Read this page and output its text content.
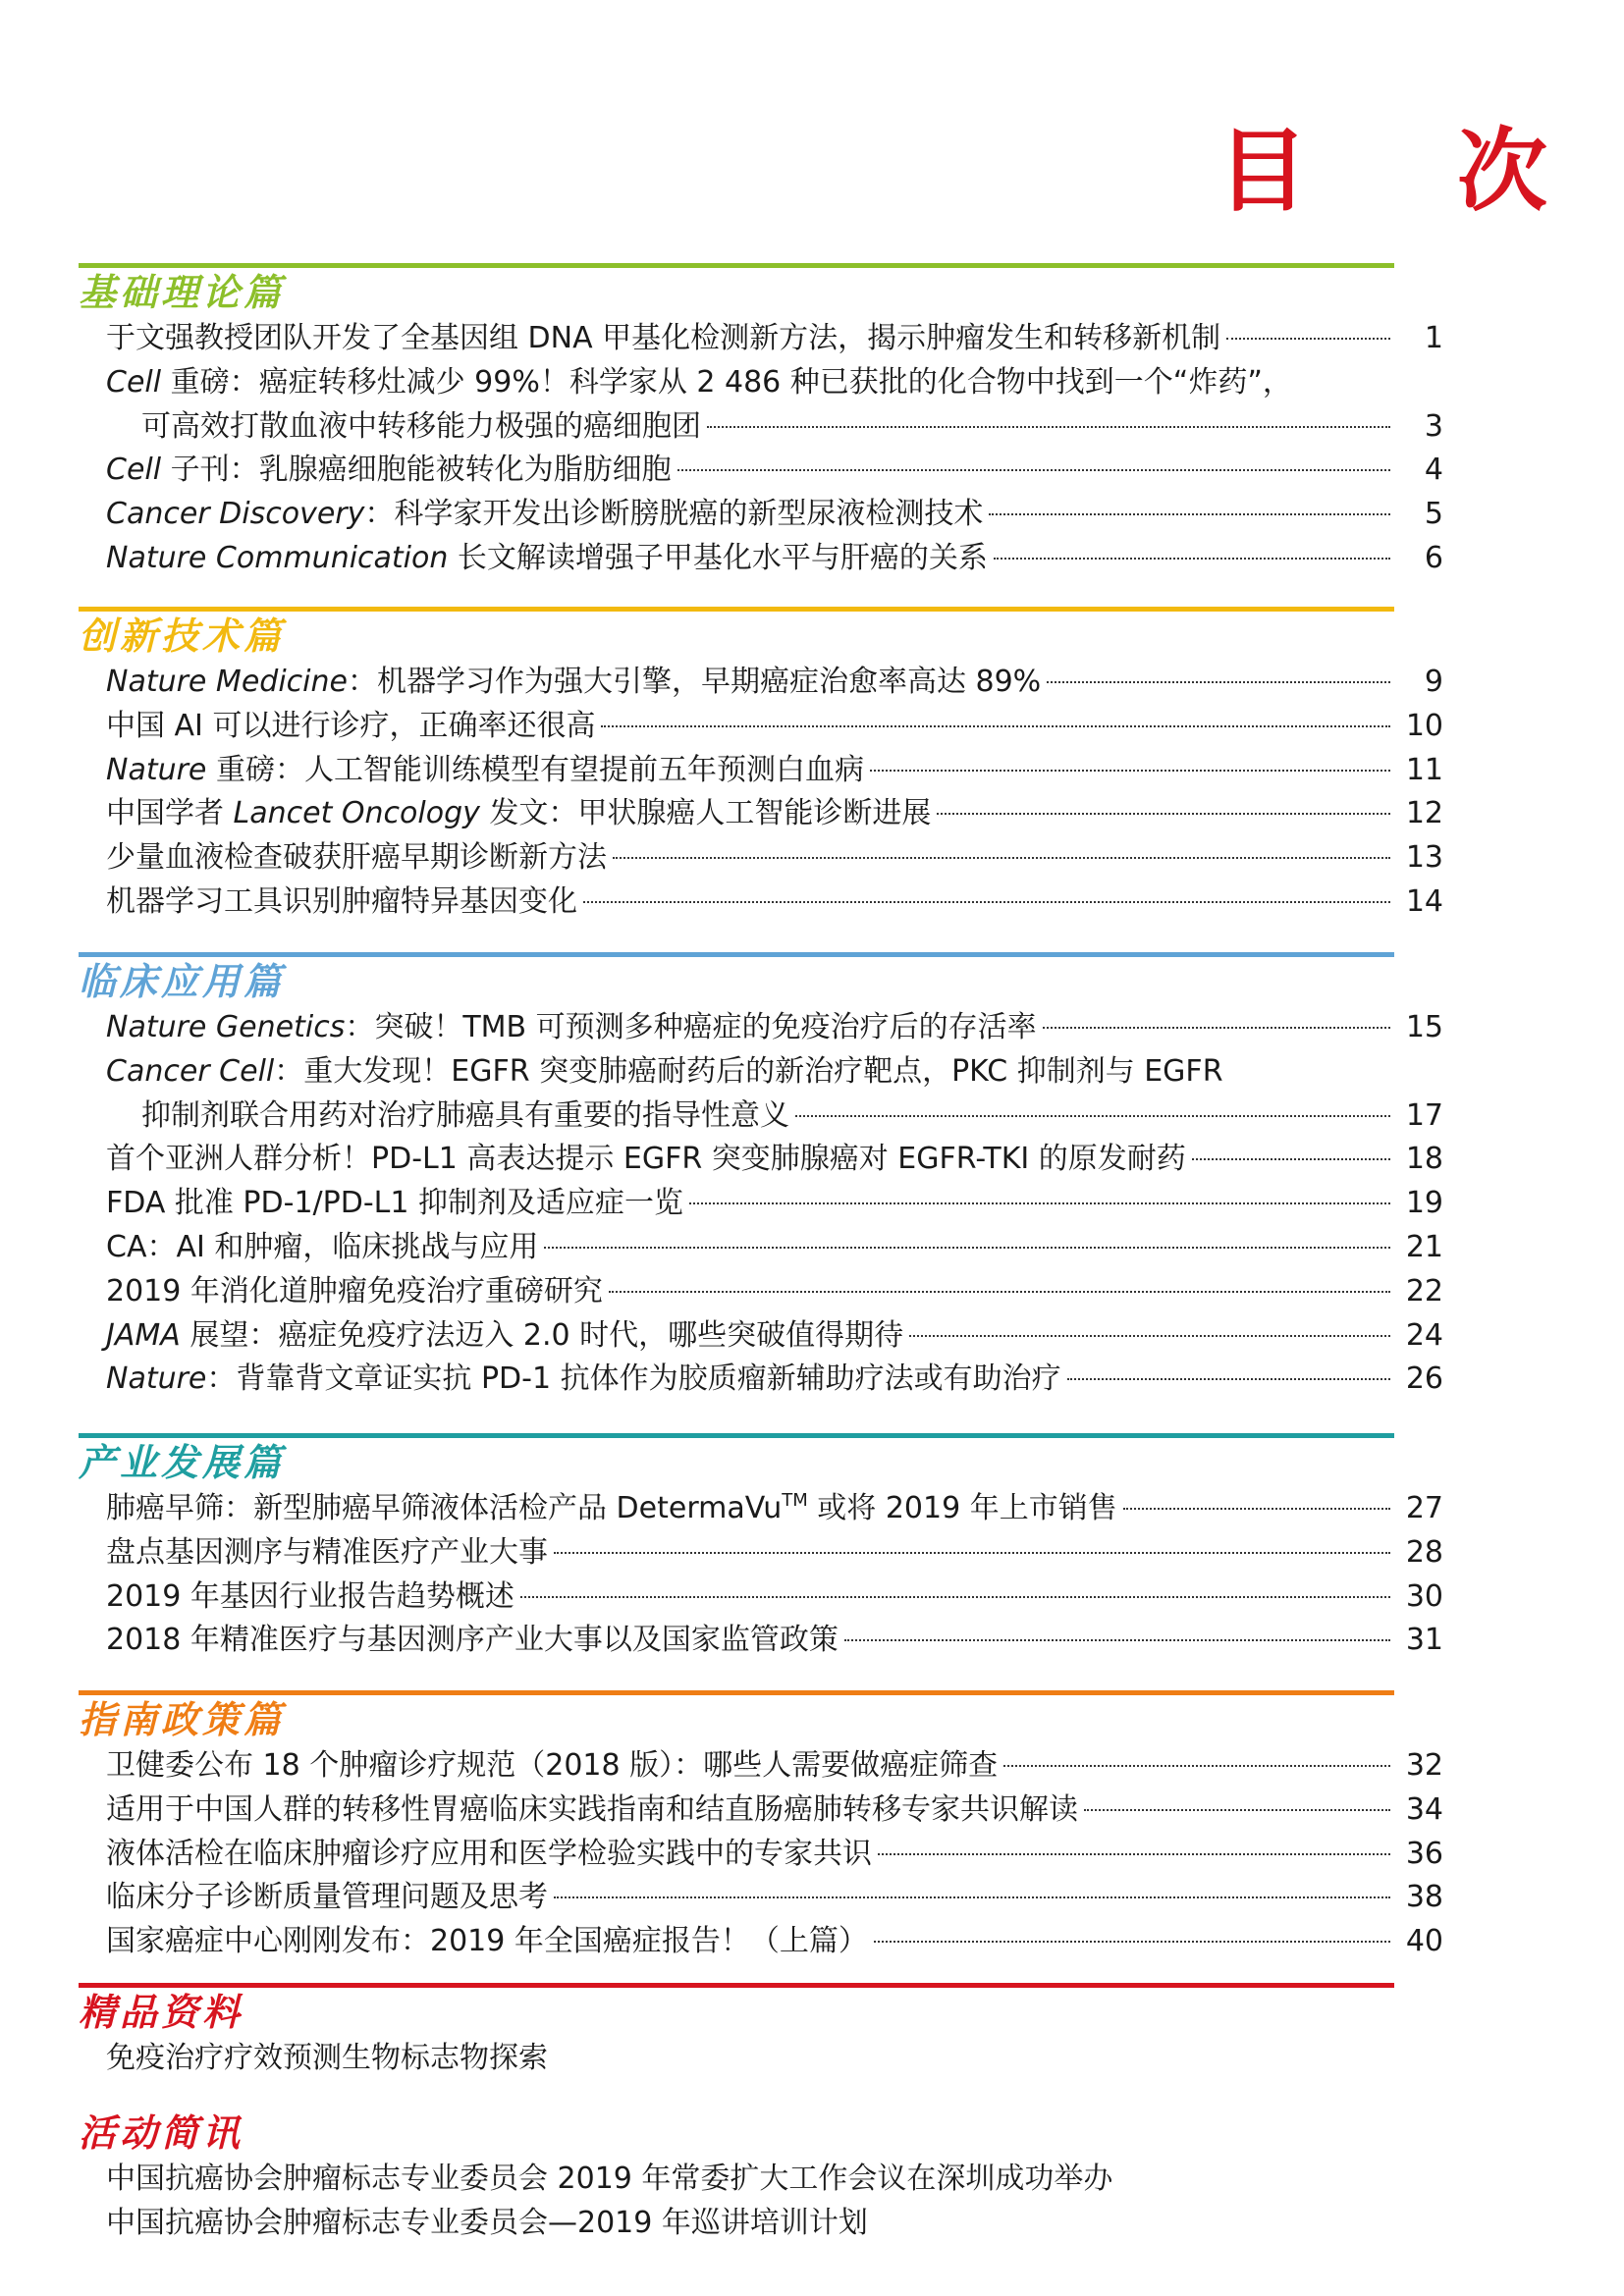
目 次
基础理论篇
于文强教授团队开发了全基因组 DNA 甲基化检测新方法，揭示肿瘤发生和转移新机制	1
Cell 重磅：癌症转移灶减少 99%！科学家从 2 486 种已获批的化合物中找到一个“炸药”，
可高效打散血液中转移能力极强的癌细胞团	3
Cell 子刊：乳腺癌细胞能被转化为脂肪细胞	4
Cancer Discovery：科学家开发出诊断膀胱癌的新型尿液检测技术	5
Nature Communication 长文解读增强子甲基化水平与肝癌的关系	6
创新技术篇
Nature Medicine：机器学习作为强大引擎，早期癌症治愈率高达 89%	9
中国 AI 可以进行诊疗，正确率还很高	10
Nature 重磅：人工智能训练模型有望提前五年预测白血病	11
中国学者 Lancet Oncology 发文：甲状腺癌人工智能诊断进展	12
少量血液检查破获肝癌早期诊断新方法	13
机器学习工具识别肿瘤特异基因变化	14
临床应用篇
Nature Genetics：突破！TMB 可预测多种癌症的免疫治疗后的存活率	15
Cancer Cell：重大发现！EGFR 突变肺癌耐药后的新治疗靶点，PKC 抑制剂与 EGFR
抑制剂联合用药对治疗肺癌具有重要的指导性意义	17
首个亚洲人群分析！PD-L1 高表达提示 EGFR 突变肺腺癌对 EGFR-TKI 的原发耐药	18
FDA 批准 PD-1/PD-L1 抑制剂及适应症一览	19
CA：AI 和肿瘤，临床挑战与应用	21
2019 年消化道肿瘤免疫治疗重磅研究	22
JAMA 展望：癌症免疫疗法迈入 2.0 时代，哪些突破值得期待	24
Nature：背靠背文章证实抗 PD-1 抗体作为胶质瘤新辅助疗法或有助治疗	26
产业发展篇
肺癌早筛：新型肺癌早筛液体活检产品 DetermaVu™ 或将 2019 年上市销售	27
盘点基因测序与精准医疗产业大事	28
2019 年基因行业报告趋势概述	30
2018 年精准医疗与基因测序产业大事以及国家监管政策	31
指南政策篇
卫健委公布 18 个肿瘤诊疗规范（2018 版）：哪些人需要做癌症筛查	32
适用于中国人群的转移性胃癌临床实践指南和结直肠癌肺转移专家共识解读	34
液体活检在临床肿瘤诊疗应用和医学检验实践中的专家共识	36
临床分子诊断质量管理问题及思考	38
国家癌症中心刚刚发布：2019 年全国癌症报告！（上篇）	40
精品资料
免疫治疗疗效预测生物标志物探索
活动简讯
中国抗癌协会肿瘤标志专业委员会 2019 年常委扩大工作会议在深圳成功举办
中国抗癌协会肿瘤标志专业委员会—2019 年巡讲培训计划
